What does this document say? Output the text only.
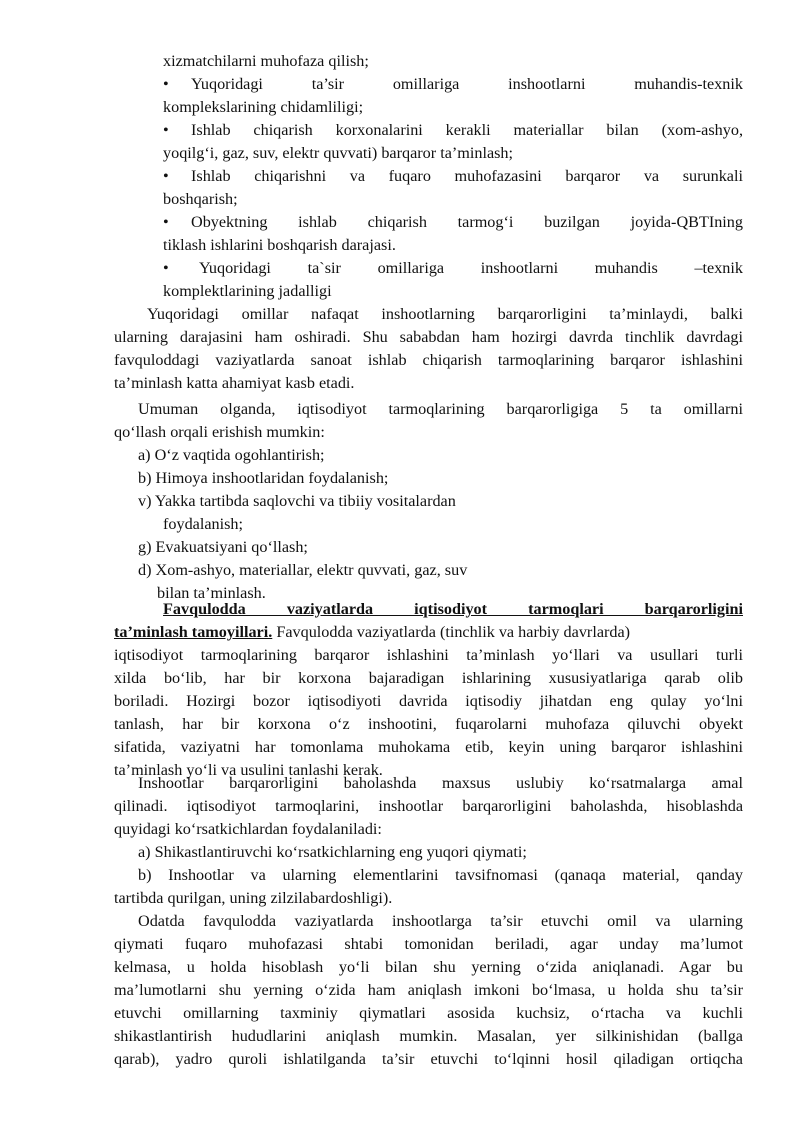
xizmatchilarni muhofaza qilish;
• Yuqoridagi ta’sir omillariga inshootlarni muhandis-texnik
komplekslarining chidamliligi;
• Ishlab chiqarish korxonalarini kerakli materiallar bilan (xom-ashyo,
yoqilg‘i, gaz, suv, elektr quvvati) barqaror ta’minlash;
• Ishlab chiqarishni va fuqaro muhofazasini barqaror va surunkali
boshqarish;
• Obyektning ishlab chiqarish tarmog‘i buzilgan joyida-QBTIning
tiklash ishlarini boshqarish darajasi.
• Yuqoridagi ta`sir omillariga inshootlarni muhandis –texnik
komplektlarining jadalligi
Yuqoridagi omillar nafaqat inshootlarning barqarorligini ta’minlaydi, balki
ularning darajasini ham oshiradi. Shu sababdan ham hozirgi davrda tinchlik davrdagi
favquloddagi vaziyatlarda sanoat ishlab chiqarish tarmoqlarining barqaror ishlashini
ta’minlash katta ahamiyat kasb etadi.
Umuman olganda, iqtisodiyot tarmoqlarining barqarorligiga 5 ta omillarni
qo‘llash orqali erishish mumkin:
a) O‘z vaqtida ogohlantirish;
b) Himoya inshootlaridan foydalanish;
v) Yakka tartibda saqlovchi va tibiiy vositalardan
foydalanish;
g) Evakuatsiyani qo‘llash;
d) Xom-ashyo, materiallar, elektr quvvati, gaz, suv
bilan ta’minlash.
Favqulodda vaziyatlarda iqtisodiyot tarmoqlari barqarorligini
ta’minlash tamoyillari. Favqulodda vaziyatlarda (tinchlik va harbiy davrlarda)
iqtisodiyot tarmoqlarining barqaror ishlashini ta’minlash yo‘llari va usullari turli
xilda bo‘lib, har bir korxona bajaradigan ishlarining xususiyatlariga qarab olib
boriladi. Hozirgi bozor iqtisodiyoti davrida iqtisodiy jihatdan eng qulay yo‘lni
tanlash, har bir korxona o‘z inshootini, fuqarolarni muhofaza qiluvchi obyekt
sifatida, vaziyatni har tomonlama muhokama etib, keyin uning barqaror ishlashini
ta’minlash yo‘li va usulini tanlashi kerak.
Inshootlar barqarorligini baholashda maxsus uslubiy ko‘rsatmalarga amal
qilinadi. iqtisodiyot tarmoqlarini, inshootlar barqarorligini baholashda, hisoblashda
quyidagi ko‘rsatkichlardan foydalaniladi:
a) Shikastlantiruvchi ko‘rsatkichlarning eng yuqori qiymati;
b) Inshootlar va ularning elementlarini tavsifnomasi (qanaqa material, qanday
tartibda qurilgan, uning zilzilabardoshligi).
Odatda favqulodda vaziyatlarda inshootlarga ta’sir etuvchi omil va ularning
qiymati fuqaro muhofazasi shtabi tomonidan beriladi, agar unday ma’lumot
kelmasa, u holda hisoblash yo‘li bilan shu yerning o‘zida aniqlanadi. Agar bu
ma’lumotlarni shu yerning o‘zida ham aniqlash imkoni bo‘lmasa, u holda shu ta’sir
etuvchi omillarning taxminiy qiymatlari asosida kuchsiz, o‘rtacha va kuchli
shikastlantirish hududlarini aniqlash mumkin. Masalan, yer silkinishidan (ballga
qarab), yadro quroli ishlatilganda ta’sir etuvchi to‘lqinni hosil qiladigan ortiqcha
